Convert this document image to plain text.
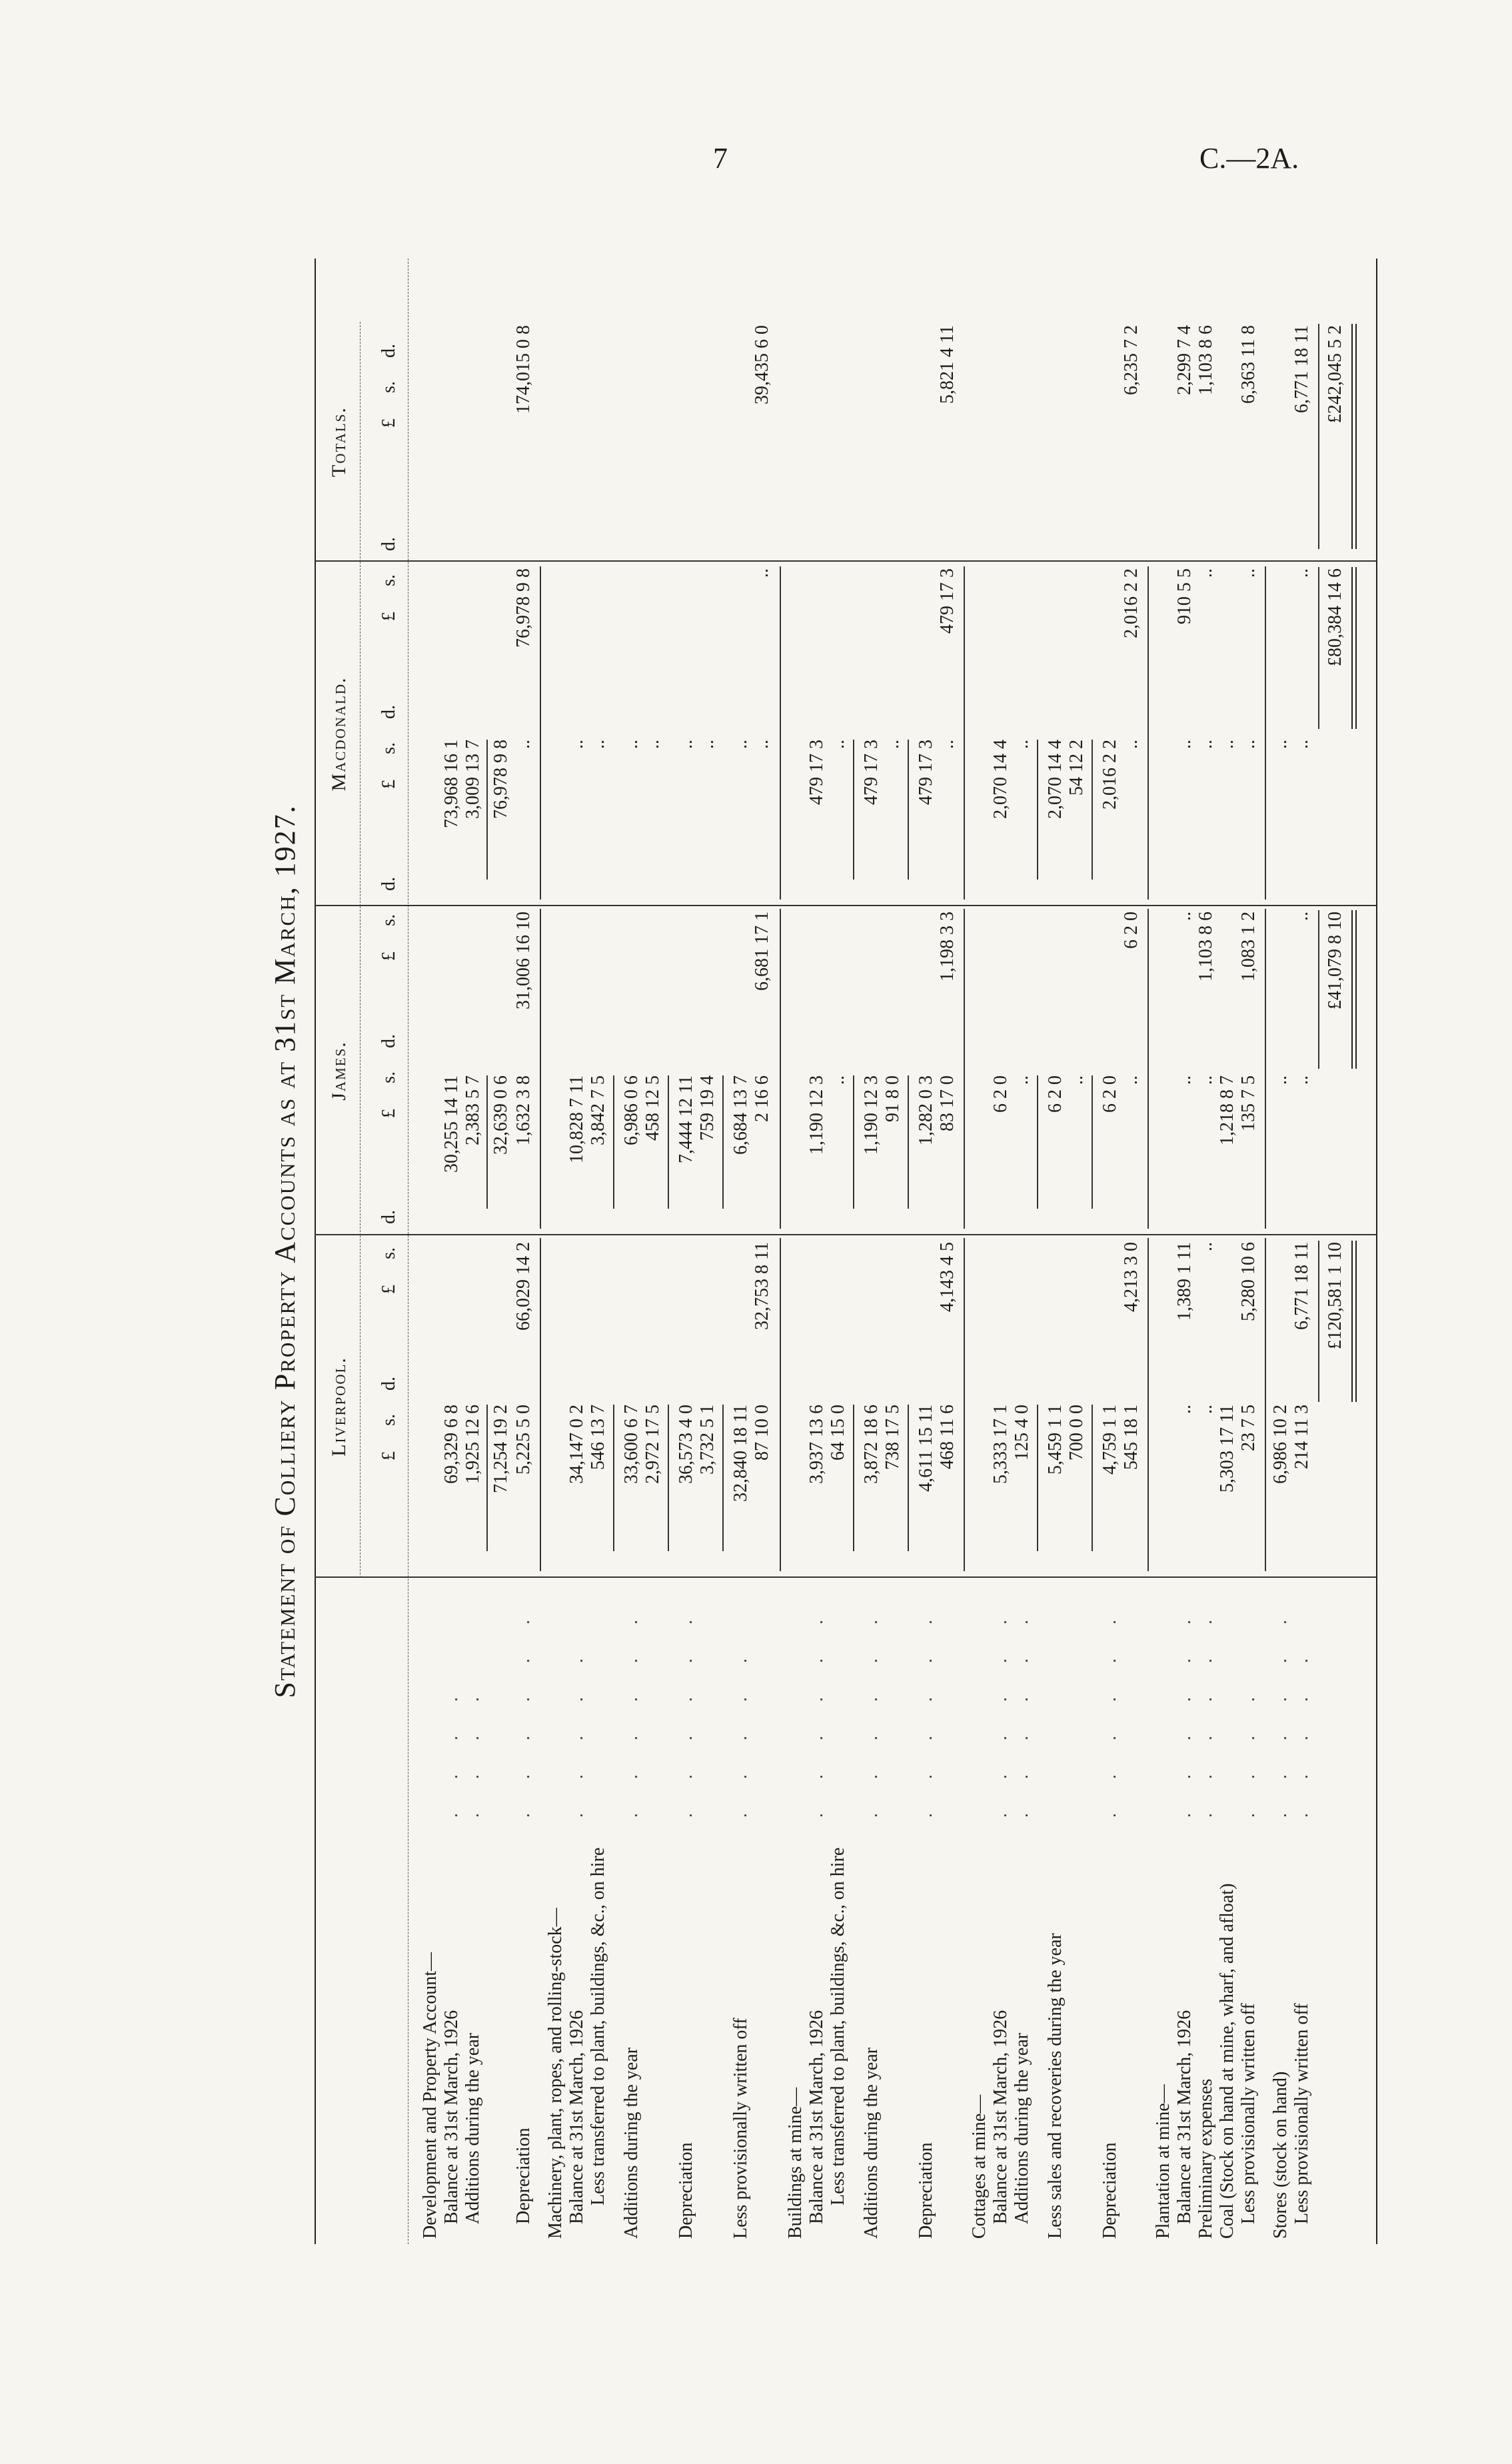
7	C.—2A.
Statement of Colliery Property Accounts as at 31st March, 1927. Liverpool.
James.
Macdonald.
Totals.
£
s.
d.
£
s.
d.
£
s.
d.
£
s.
d.
£
s.
d.
£
s.
d.
£
s.
d.
Development and Property Account— Balance at 31st March, 1926
. . . .
69,329 6 8
30,255 14 11
73,968 16 1
Additions during the year
. . . .
1,925 12 6
2,383 5 7
3,009 13 7
71,254 19 2
32,639 0 6
76,978 9 8
Depreciation
. . . . . .
5,225 5 0
66,029 14 2
1,632 3 8
31,006 16 10
..
76,978 9 8
174,015 0 8
Machinery, plant, ropes, and rolling-stock— Balance at 31st March, 1926
. . . . .
34,147 0 2
10,828 7 11
..
Less transferred to plant, buildings, &c., on hire
546 13 7
3,842 7 5
..
Additions during the year
. . . . . .
33,600 6 7
6,986 0 6
..
2,972 17 5
458 12 5
..
Depreciation
. . . . . .
36,573 4 0
7,444 12 11
..
3,732 5 1
759 19 4
..
Less provisionally written off
. . . . .
32,840 18 11
6,684 13 7
..
87 10 0
32,753 8 11
2 16 6
6,681 17 1
..
..
39,435 6 0
Buildings at mine— Balance at 31st March, 1926
. . . . . .
3,937 13 6
1,190 12 3
479 17 3
Less transferred to plant, buildings, &c., on hire
64 15 0
..
..
Additions during the year
. . . . . .
3,872 18 6
1,190 12 3
479 17 3
738 17 5
91 8 0
..
Depreciation
. . . . . .
4,611 15 11
1,282 0 3
479 17 3
468 11 6
4,143 4 5
83 17 0
1,198 3 3
..
479 17 3
5,821 4 11
Cottages at mine— Balance at 31st March, 1926
. . . . . .
5,333 17 1
6 2 0
2,070 14 4
Additions during the year
. . . . . .
125 4 0
..
..
Less sales and recoveries during the year
5,459 1 1
6 2 0
2,070 14 4
700 0 0
..
54 12 2
Depreciation
. . . . . .
4,759 1 1
6 2 0
2,016 2 2
545 18 1
4,213 3 0
..
6 2 0
..
2,016 2 2
6,235 7 2
Plantation at mine— Balance at 31st March, 1926
. . . . . .
..
1,389 1 11
..
..
..
910 5 5
2,299 7 4
Preliminary expenses
. . . . . .
..
..
..
1,103 8 6
..
..
1,103 8 6
Coal (Stock on hand at mine, wharf, and afloat)
5,303 17 11
1,218 8 7
..
Less provisionally written off
. . . .
23 7 5
5,280 10 6
135 7 5
1,083 1 2
..
..
6,363 11 8
Stores (stock on hand)
. . . . . .
6,986 10 2
..
..
Less provisionally written off
. . . . .
214 11 3
6,771 18 11
..
..
..
..
6,771 18 11
£120,581 1 10
£41,079 8 10
£80,384 14 6
£242,045 5 2
